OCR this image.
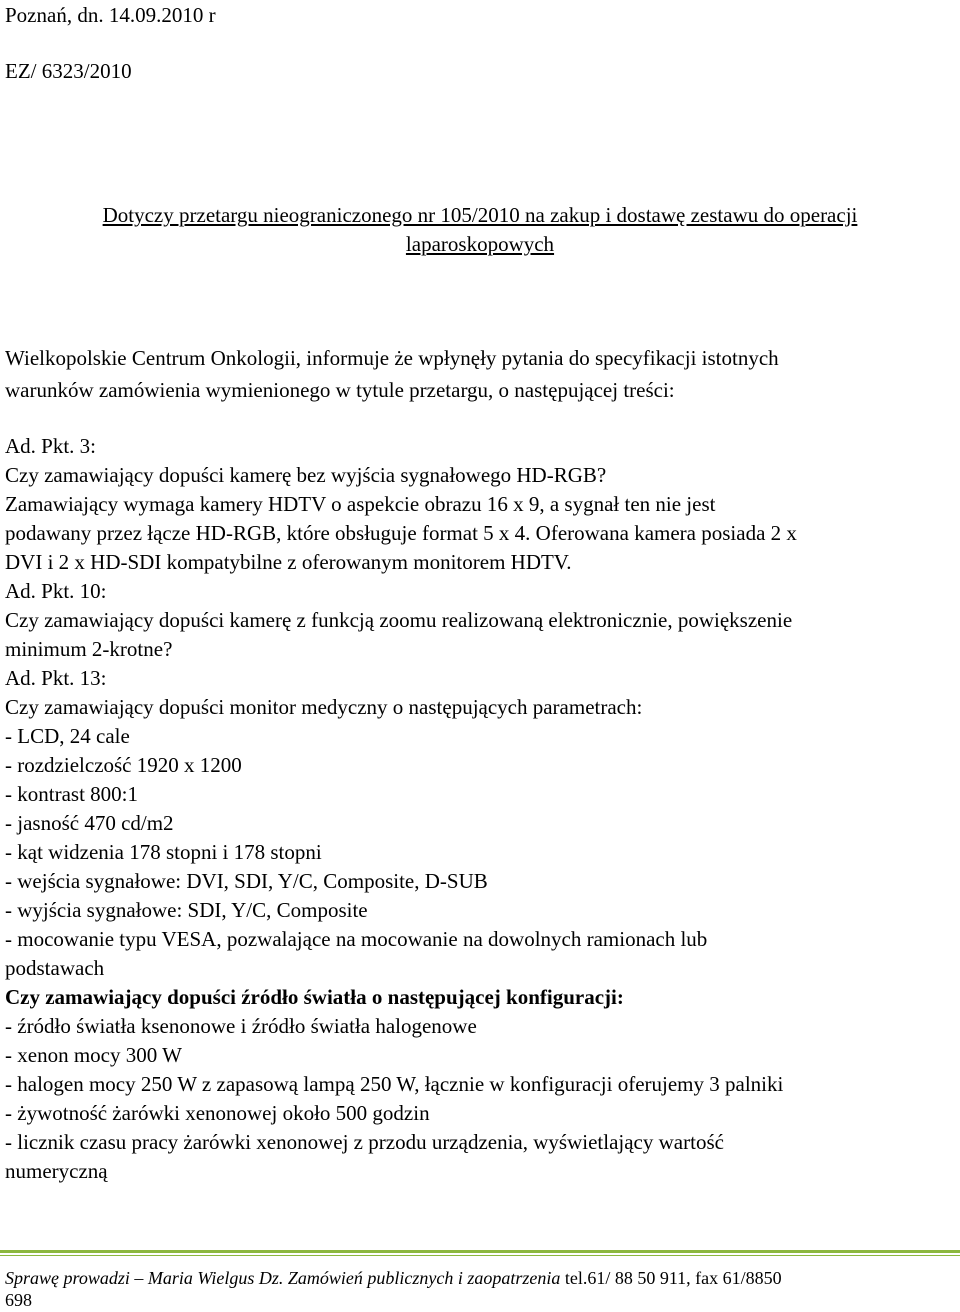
Poznań, dn. 14.09.2010 r
EZ/ 6323/2010
Dotyczy przetargu nieograniczonego nr 105/2010 na zakup i dostawę zestawu do operacji
laparoskopowych
Wielkopolskie Centrum Onkologii, informuje że wpłynęły pytania do specyfikacji istotnych
warunków zamówienia wymienionego w tytule przetargu, o następującej treści:
Ad. Pkt. 3:
Czy zamawiający dopuści kamerę bez wyjścia sygnałowego HD-RGB?
Zamawiający wymaga kamery HDTV o aspekcie obrazu 16 x 9, a sygnał ten nie jest
podawany przez łącze HD-RGB, które obsługuje format 5 x 4. Oferowana kamera posiada 2 x
DVI i 2 x HD-SDI kompatybilne z oferowanym monitorem HDTV.
Ad. Pkt. 10:
Czy zamawiający dopuści kamerę z funkcją zoomu realizowaną elektronicznie, powiększenie
minimum 2-krotne?
Ad. Pkt. 13:
Czy zamawiający dopuści monitor medyczny o następujących parametrach:
- LCD, 24 cale
- rozdzielczość 1920 x 1200
- kontrast 800:1
- jasność 470 cd/m2
- kąt widzenia 178 stopni i 178 stopni
- wejścia sygnałowe: DVI, SDI, Y/C, Composite, D-SUB
- wyjścia sygnałowe: SDI, Y/C, Composite
- mocowanie typu VESA, pozwalające na mocowanie na dowolnych ramionach lub
podstawach
Czy zamawiający dopuści źródło światła o następującej konfiguracji:
- źródło światła ksenonowe i źródło światła halogenowe
- xenon mocy 300 W
- halogen mocy 250 W z zapasową lampą 250 W, łącznie w konfiguracji oferujemy 3 palniki
- żywotność żarówki xenonowej około 500 godzin
- licznik czasu pracy żarówki xenonowej z przodu urządzenia, wyświetlający wartość
numeryczną
Sprawę prowadzi – Maria Wielgus Dz. Zamówień publicznych i zaopatrzenia tel.61/ 88 50 911, fax 61/8850
698
